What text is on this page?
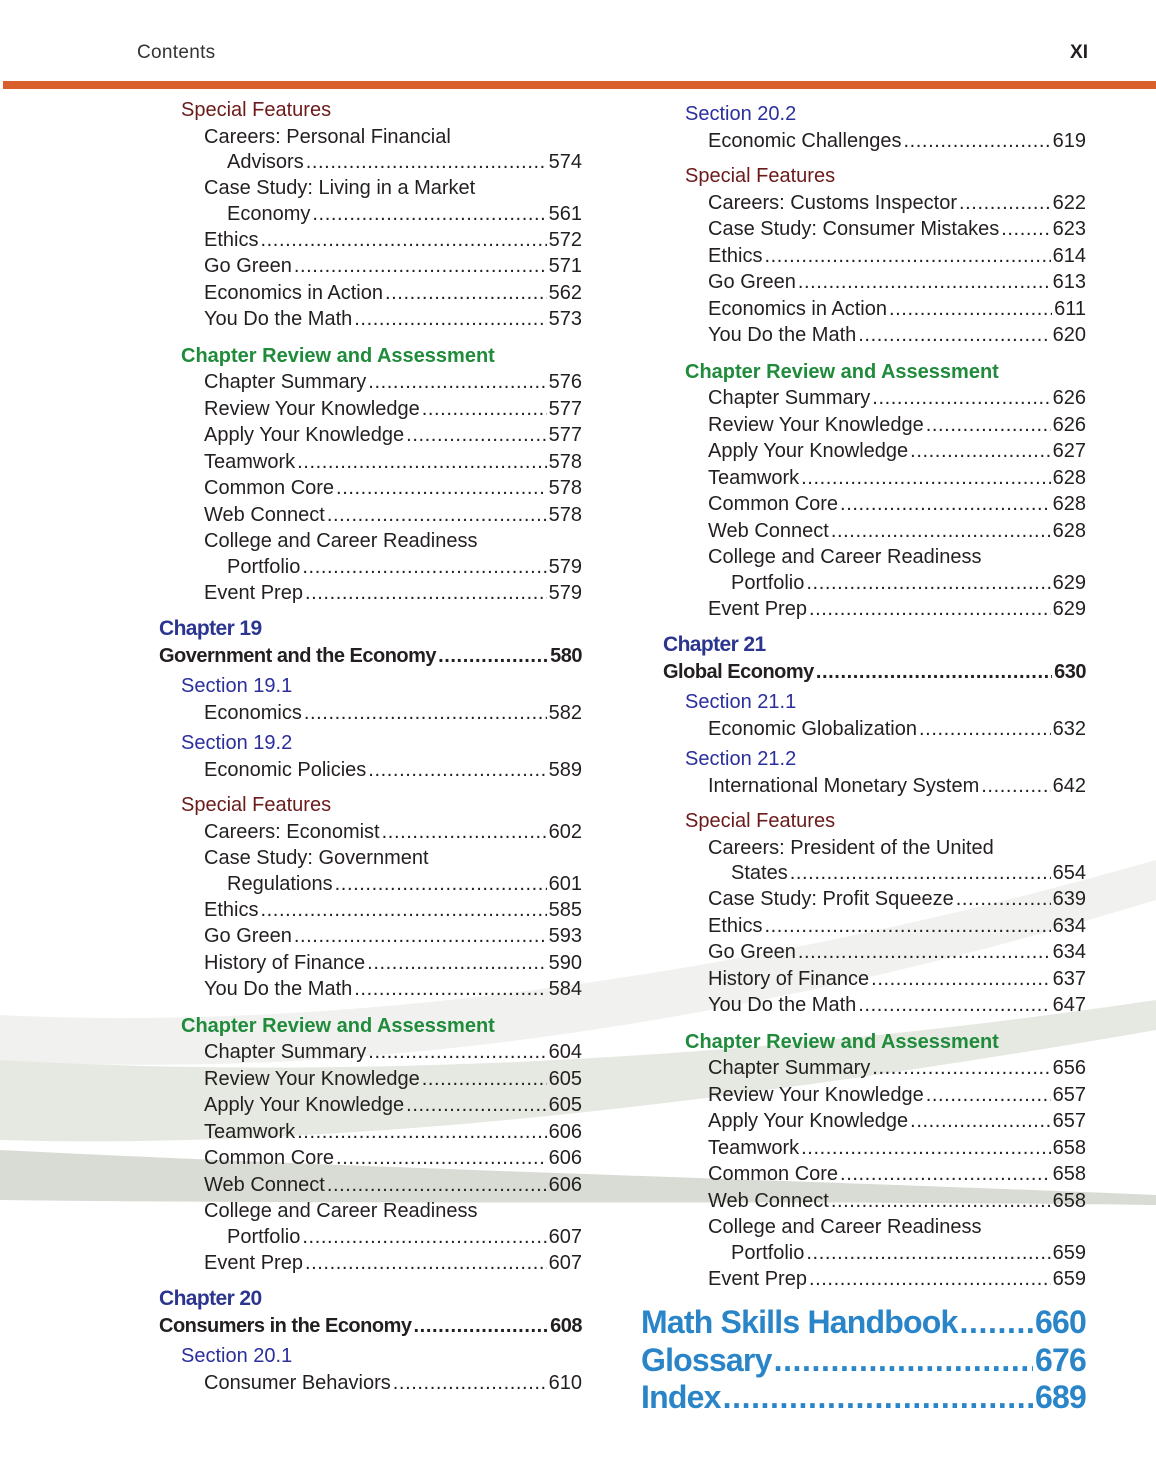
Contents	XI
Special Features
Careers: Personal Financial
Advisors .....	574
Case Study: Living in a Market
Economy .....	561
Ethics .....	572
Go Green .....	571
Economics in Action .....	562
You Do the Math .....	573
Chapter Review and Assessment
Chapter Summary .....	576
Review Your Knowledge .....	577
Apply Your Knowledge .....	577
Teamwork .....	578
Common Core .....	578
Web Connect .....	578
College and Career Readiness
Portfolio .....	579
Event Prep .....	579
Chapter 19
Government and the Economy .....	580
Section 19.1
Economics .....	582
Section 19.2
Economic Policies .....	589
Special Features
Careers: Economist .....	602
Case Study: Government
Regulations .....	601
Ethics .....	585
Go Green .....	593
History of Finance .....	590
You Do the Math .....	584
Chapter Review and Assessment
Chapter Summary .....	604
Review Your Knowledge .....	605
Apply Your Knowledge .....	605
Teamwork .....	606
Common Core .....	606
Web Connect .....	606
College and Career Readiness
Portfolio .....	607
Event Prep .....	607
Chapter 20
Consumers in the Economy .....	608
Section 20.1
Consumer Behaviors .....	610
Section 20.2
Economic Challenges .....	619
Special Features
Careers: Customs Inspector .....	622
Case Study: Consumer Mistakes .....	623
Ethics .....	614
Go Green .....	613
Economics in Action .....	611
You Do the Math .....	620
Chapter Review and Assessment
Chapter Summary .....	626
Review Your Knowledge .....	626
Apply Your Knowledge .....	627
Teamwork .....	628
Common Core .....	628
Web Connect .....	628
College and Career Readiness
Portfolio .....	629
Event Prep .....	629
Chapter 21
Global Economy .....	630
Section 21.1
Economic Globalization .....	632
Section 21.2
International Monetary System .....	642
Special Features
Careers: President of the United
States .....	654
Case Study: Profit Squeeze .....	639
Ethics .....	634
Go Green .....	634
History of Finance .....	637
You Do the Math .....	647
Chapter Review and Assessment
Chapter Summary .....	656
Review Your Knowledge .....	657
Apply Your Knowledge .....	657
Teamwork .....	658
Common Core .....	658
Web Connect .....	658
College and Career Readiness
Portfolio .....	659
Event Prep .....	659
Math Skills Handbook ..... 660
Glossary .....	676
Index .....	689
